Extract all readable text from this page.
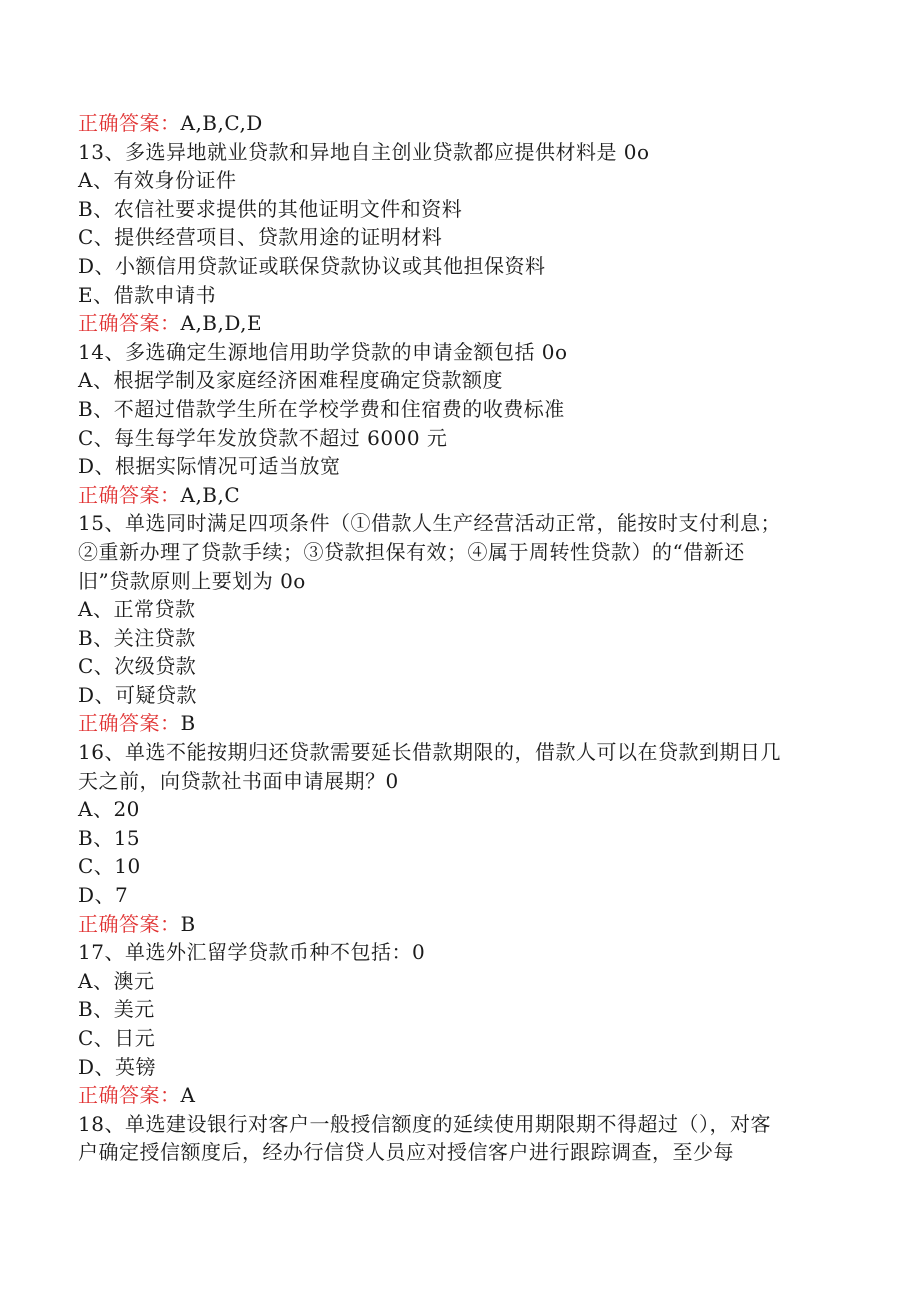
正确答案：A,B,C,D
13、多选异地就业贷款和异地自主创业贷款都应提供材料是 0o
A、有效身份证件
B、农信社要求提供的其他证明文件和资料
C、提供经营项目、贷款用途的证明材料
D、小额信用贷款证或联保贷款协议或其他担保资料
E、借款申请书
正确答案：A,B,D,E
14、多选确定生源地信用助学贷款的申请金额包括 0o
A、根据学制及家庭经济困难程度确定贷款额度
B、不超过借款学生所在学校学费和住宿费的收费标准
C、每生每学年发放贷款不超过 6000 元
D、根据实际情况可适当放宽
正确答案：A,B,C
15、单选同时满足四项条件（①借款人生产经营活动正常，能按时支付利息；
②重新办理了贷款手续；③贷款担保有效；④属于周转性贷款）的“借新还
旧”贷款原则上要划为 0o
A、正常贷款
B、关注贷款
C、次级贷款
D、可疑贷款
正确答案：B
16、单选不能按期归还贷款需要延长借款期限的，借款人可以在贷款到期日几
天之前，向贷款社书面申请展期？0
A、20
B、15
C、10
D、7
正确答案：B
17、单选外汇留学贷款币种不包括：0
A、澳元
B、美元
C、日元
D、英镑
正确答案：A
18、单选建设银行对客户一般授信额度的延续使用期限期不得超过（），对客
户确定授信额度后，经办行信贷人员应对授信客户进行跟踪调查，至少每
